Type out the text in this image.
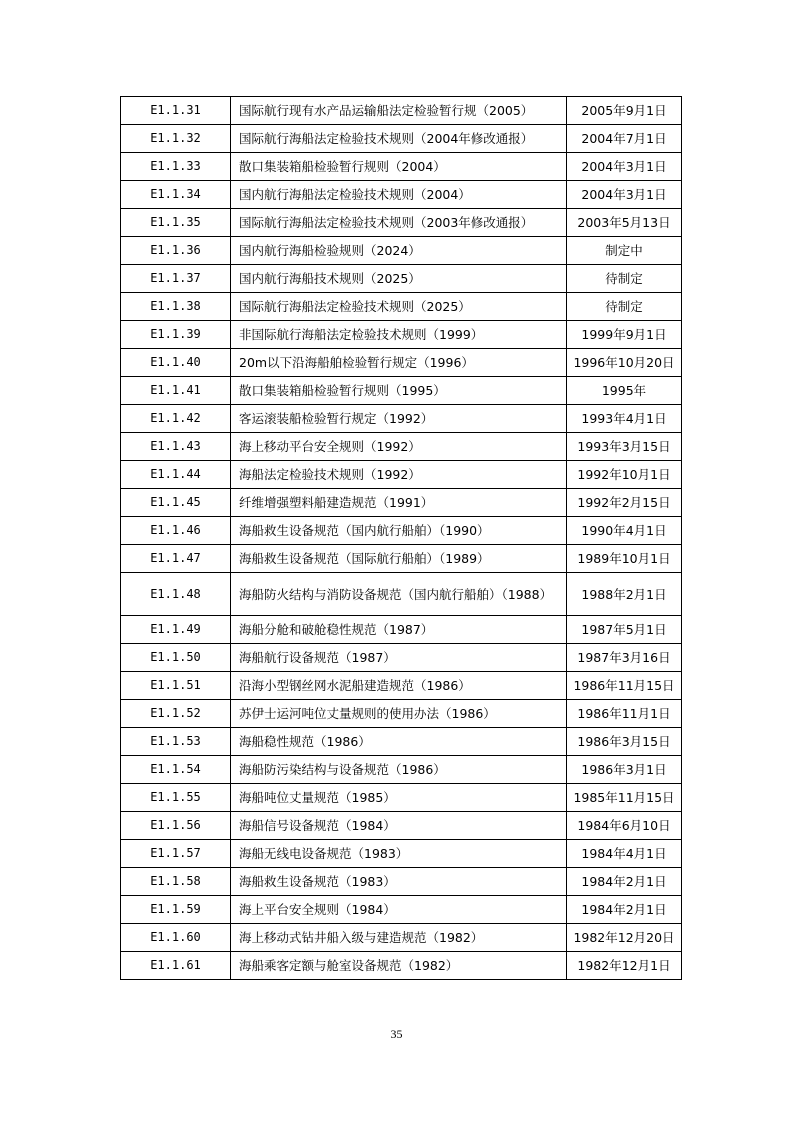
E1.1.31	国际航行现有水产品运输船法定检验暂行规（2005）	2005年9月1日
E1.1.32	国际航行海船法定检验技术规则（2004年修改通报）	2004年7月1日
E1.1.33	散口集装箱船检验暂行规则（2004）	2004年3月1日
E1.1.34	国内航行海船法定检验技术规则（2004）	2004年3月1日
E1.1.35	国际航行海船法定检验技术规则（2003年修改通报）	2003年5月13日
E1.1.36	国内航行海船检验规则（2024）	制定中
E1.1.37	国内航行海船技术规则（2025）	待制定
E1.1.38	国际航行海船法定检验技术规则（2025）	待制定
E1.1.39	非国际航行海船法定检验技术规则（1999）	1999年9月1日
E1.1.40	20m以下沿海船舶检验暂行规定（1996）	1996年10月20日
E1.1.41	散口集装箱船检验暂行规则（1995）	1995年
E1.1.42	客运滚装船检验暂行规定（1992）	1993年4月1日
E1.1.43	海上移动平台安全规则（1992）	1993年3月15日
E1.1.44	海船法定检验技术规则（1992）	1992年10月1日
E1.1.45	纤维增强塑料船建造规范（1991）	1992年2月15日
E1.1.46	海船救生设备规范（国内航行船舶）（1990）	1990年4月1日
E1.1.47	海船救生设备规范（国际航行船舶）（1989）	1989年10月1日
E1.1.48	海船防火结构与消防设备规范（国内航行船舶）（1988）	1988年2月1日
E1.1.49	海船分舱和破舱稳性规范（1987）	1987年5月1日
E1.1.50	海船航行设备规范（1987）	1987年3月16日
E1.1.51	沿海小型钢丝网水泥船建造规范（1986）	1986年11月15日
E1.1.52	苏伊士运河吨位丈量规则的使用办法（1986）	1986年11月1日
E1.1.53	海船稳性规范（1986）	1986年3月15日
E1.1.54	海船防污染结构与设备规范（1986）	1986年3月1日
E1.1.55	海船吨位丈量规范（1985）	1985年11月15日
E1.1.56	海船信号设备规范（1984）	1984年6月10日
E1.1.57	海船无线电设备规范（1983）	1984年4月1日
E1.1.58	海船救生设备规范（1983）	1984年2月1日
E1.1.59	海上平台安全规则（1984）	1984年2月1日
E1.1.60	海上移动式钻井船入级与建造规范（1982）	1982年12月20日
E1.1.61	海船乘客定额与舱室设备规范（1982）	1982年12月1日
35
